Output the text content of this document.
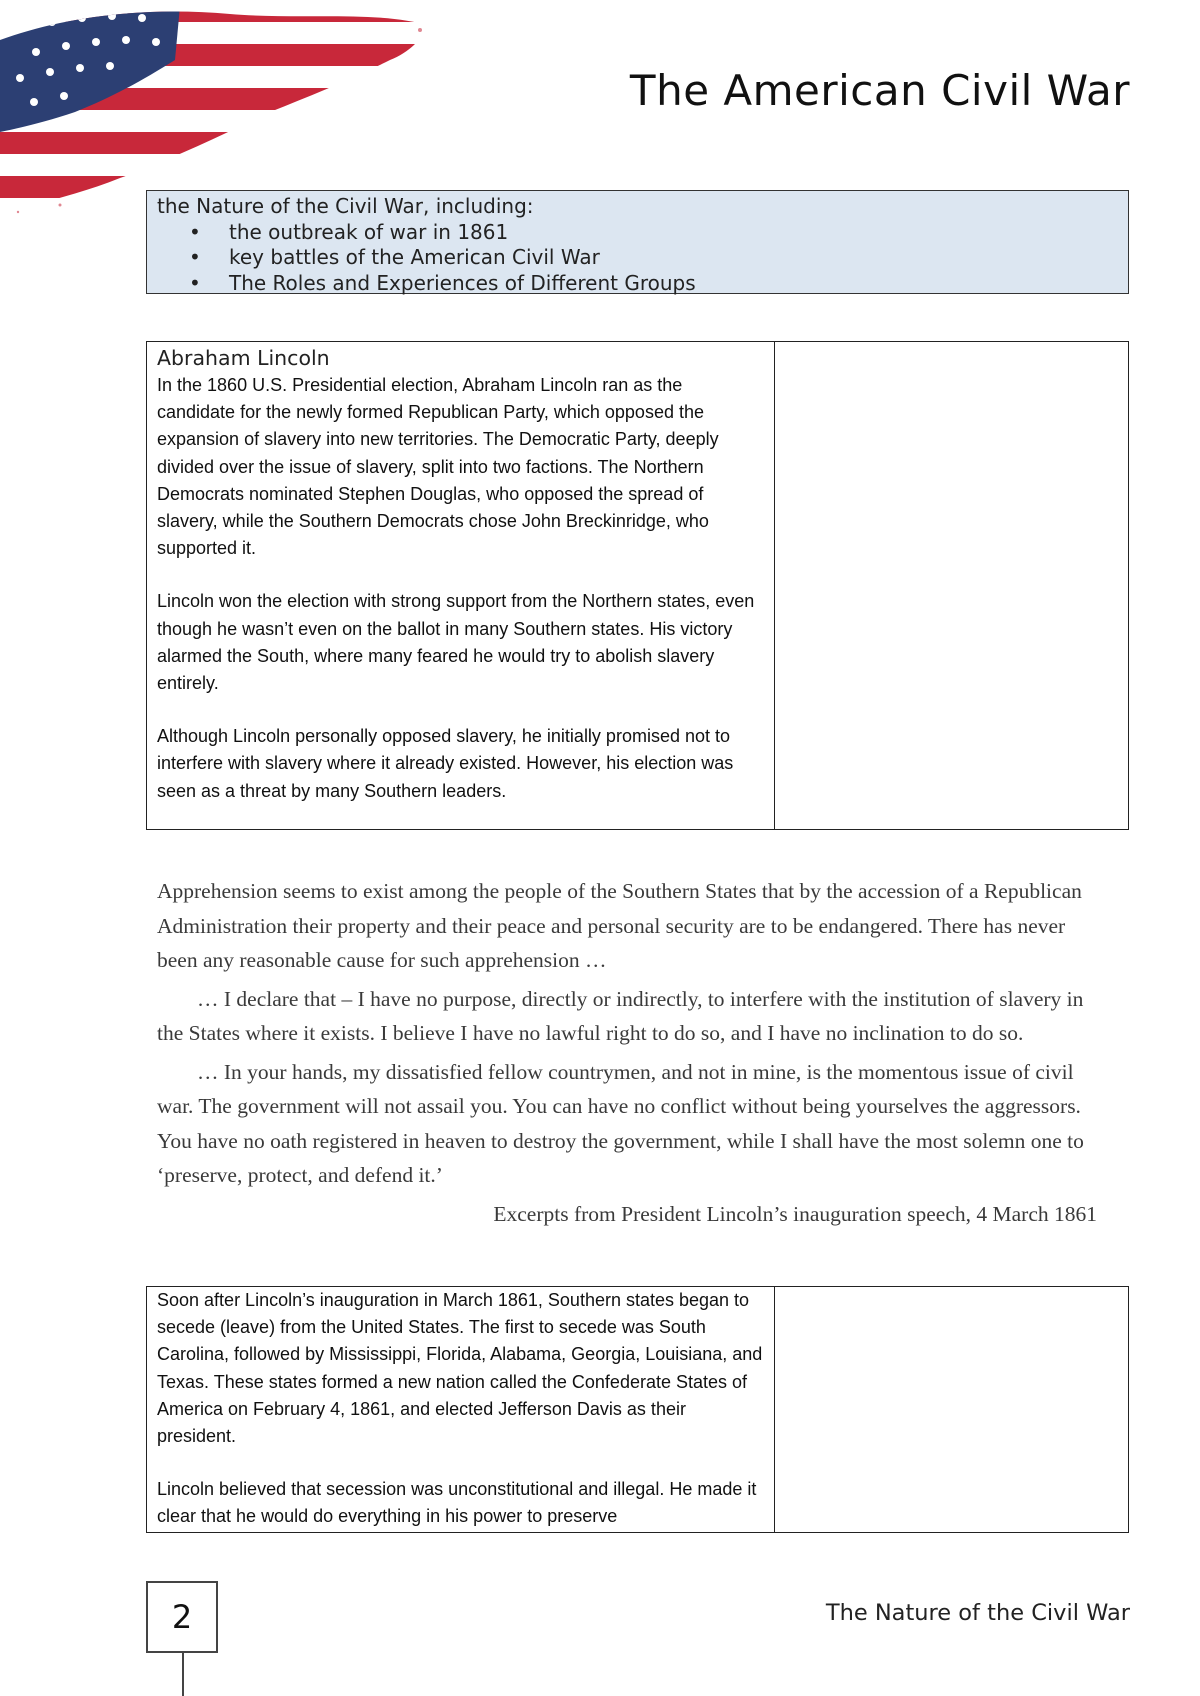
The American Civil War
the Nature of the Civil War, including:
• the outbreak of war in 1861
• key battles of the American Civil War
• The Roles and Experiences of Different Groups
Abraham Lincoln

In the 1860 U.S. Presidential election, Abraham Lincoln ran as the candidate for the newly formed Republican Party, which opposed the expansion of slavery into new territories. The Democratic Party, deeply divided over the issue of slavery, split into two factions. The Northern Democrats nominated Stephen Douglas, who opposed the spread of slavery, while the Southern Democrats chose John Breckinridge, who supported it.

Lincoln won the election with strong support from the Northern states, even though he wasn’t even on the ballot in many Southern states. His victory alarmed the South, where many feared he would try to abolish slavery entirely.

Although Lincoln personally opposed slavery, he initially promised not to interfere with slavery where it already existed. However, his election was seen as a threat by many Southern leaders.

Apprehension seems to exist among the people of the Southern States that by the accession of a Republican Administration their property and their peace and personal security are to be endangered. There has never been any reasonable cause for such apprehension …

… I declare that – I have no purpose, directly or indirectly, to interfere with the institution of slavery in the States where it exists. I believe I have no lawful right to do so, and I have no inclination to do so.

… In your hands, my dissatisfied fellow countrymen, and not in mine, is the momentous issue of civil war. The government will not assail you. You can have no conflict without being yourselves the aggressors. You have no oath registered in heaven to destroy the government, while I shall have the most solemn one to ‘preserve, protect, and defend it.’

Excerpts from President Lincoln’s inauguration speech, 4 March 1861

Soon after Lincoln’s inauguration in March 1861, Southern states began to secede (leave) from the United States. The first to secede was South Carolina, followed by Mississippi, Florida, Alabama, Georgia, Louisiana, and Texas. These states formed a new nation called the Confederate States of America on February 4, 1861, and elected Jefferson Davis as their president.

Lincoln believed that secession was unconstitutional and illegal. He made it clear that he would do everything in his power to preserve

2	The Nature of the Civil War
